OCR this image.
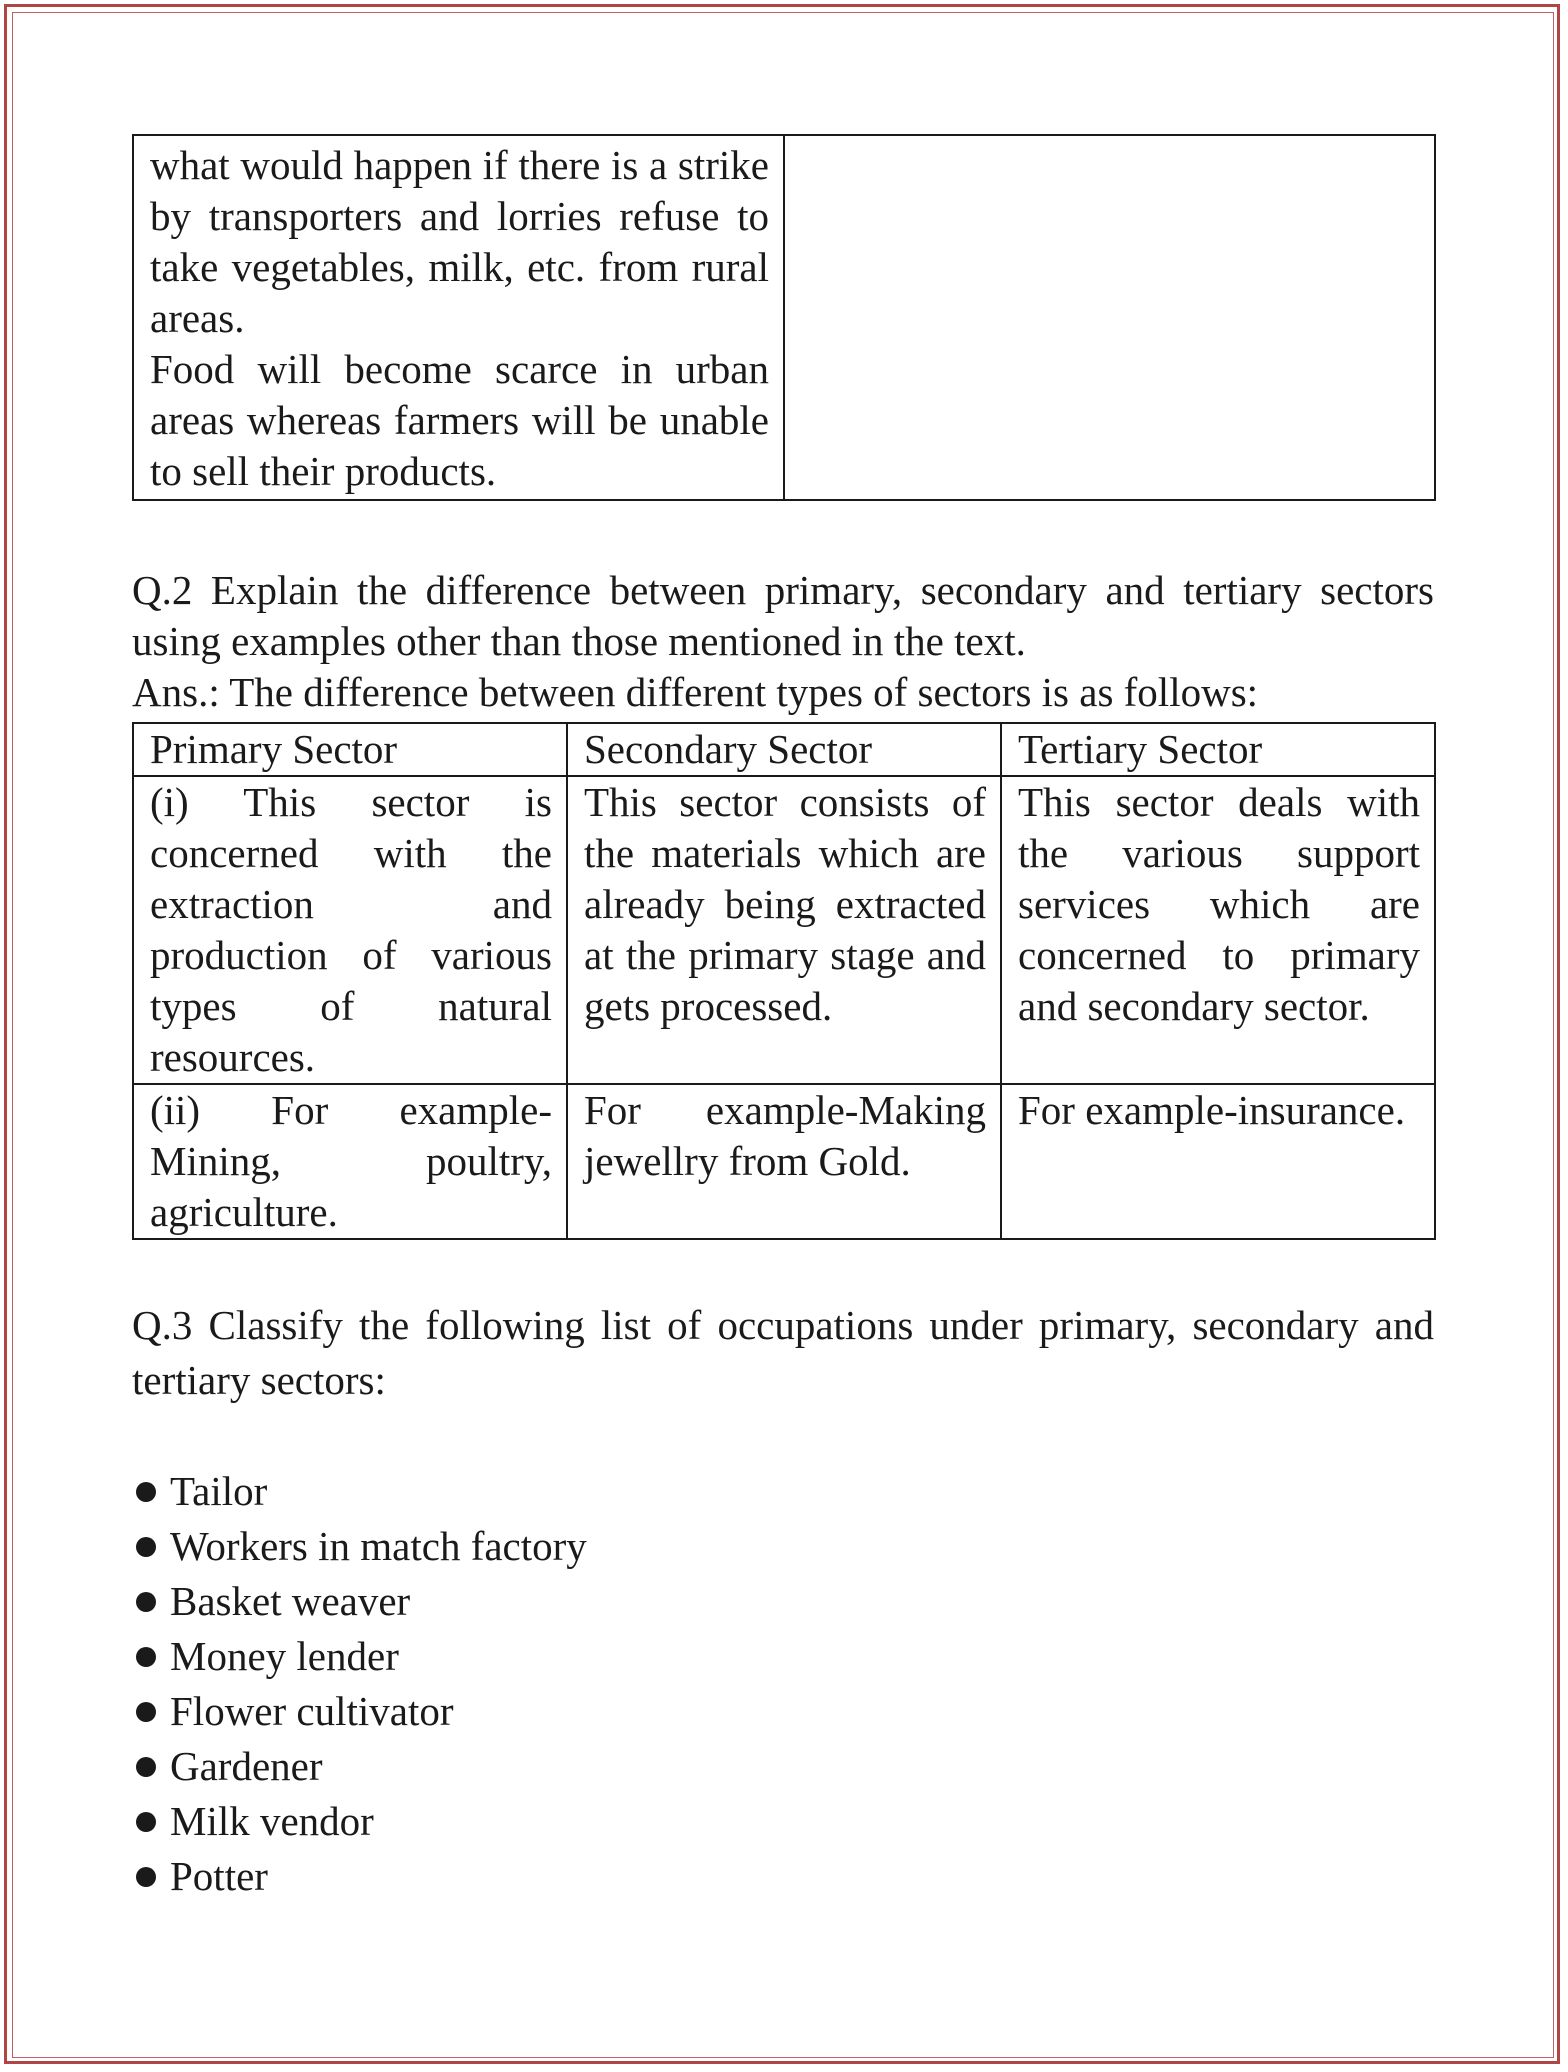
what would happen if there is a strike by transporters and lorries refuse to take vegetables, milk, etc. from rural areas.

Food will become scarce in urban areas whereas farmers will be unable to sell their products.

Q.2 Explain the difference between primary, secondary and tertiary sectors using examples other than those mentioned in the text.

Ans.: The difference between different types of sectors is as follows:

Primary Sector	Secondary Sector	Tertiary Sector
(i) This sector is concerned with the extraction and production of various types of natural resources.	This sector consists of the materials which are already being extracted at the primary stage and gets processed.	This sector deals with the various support services which are concerned to primary and secondary sector.
(ii) For example-Mining, poultry, agriculture.	For example-Making jewellry from Gold.	For example-insurance.

Q.3 Classify the following list of occupations under primary, secondary and tertiary sectors:

Tailor
Workers in match factory
Basket weaver
Money lender
Flower cultivator
Gardener
Milk vendor
Potter
